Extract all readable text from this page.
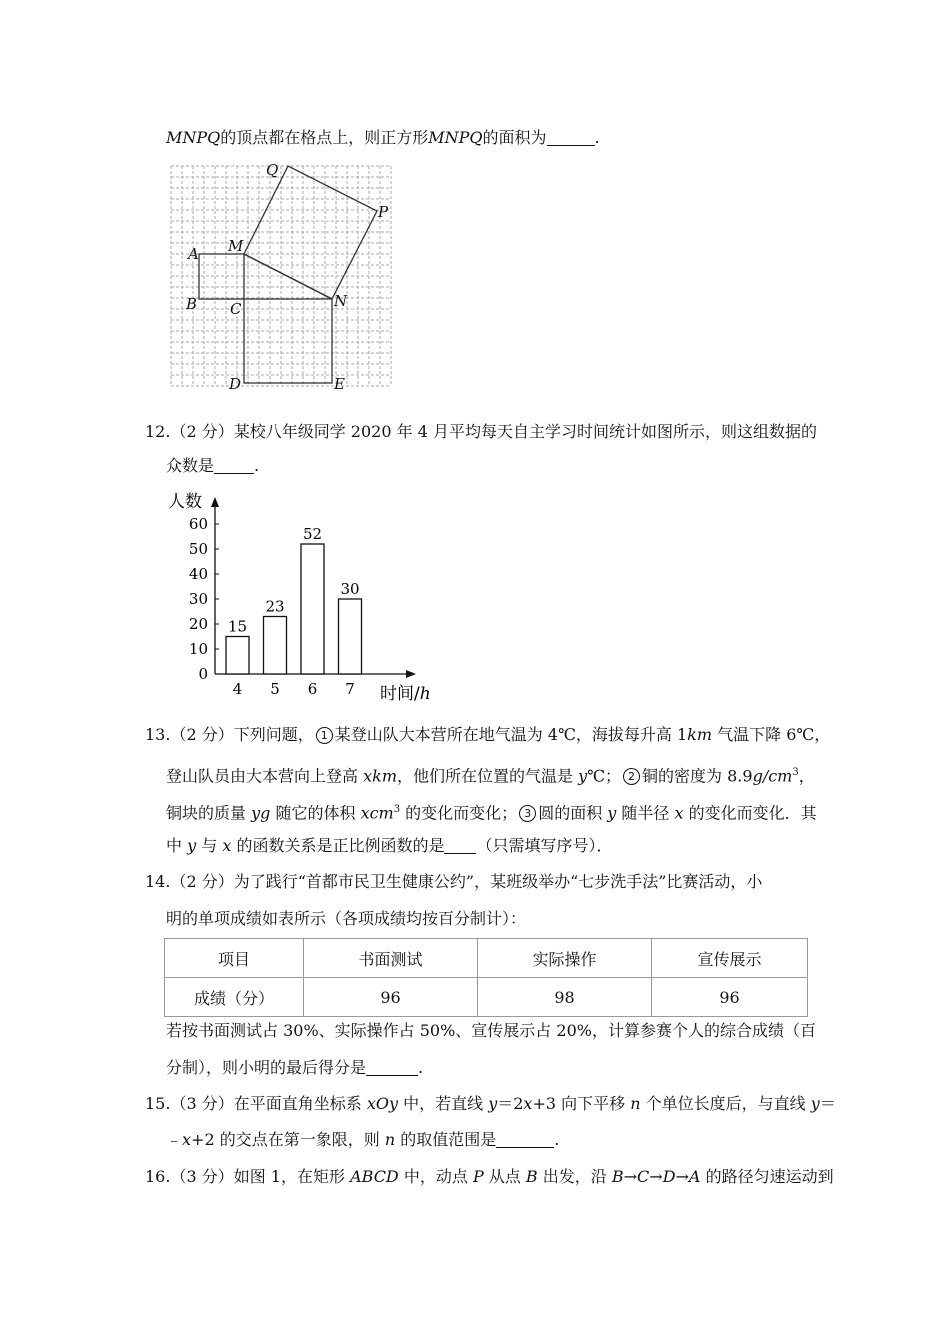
MNPQ的顶点都在格点上，则正方形MNPQ的面积为	.
Q
P
A M
B C	N
D	E
12.（2 分）某校八年级同学 2020 年 4 月平均每天自主学习时间统计如图所示，则这组数据的
众数是	.
人数
0
10
20
30
40
50
60
15
4
23
5
52
6
30
7 时间/h
13.（2 分）下列问题， 1 某登山队大本营所在地气温为 4℃，海拔每升高 1km 气温下降 6℃，
登山队员由大本营向上登高 xkm，他们所在位置的气温是 y℃； 2 铜的密度为 $8.9g/cm^3$，
铜块的质量 yg 随它的体积 xcm$^3$ 的变化而变化； 3 圆的面积 y 随半径 x 的变化而变化．其
中 y 与 x 的函数关系是正比例函数的是 （只需填写序号）．
14.（2 分）为了践行“首都市民卫生健康公约”，某班级举办“七步洗手法”比赛活动，小
明的单项成绩如表所示（各项成绩均按百分制计）：
项目	书面测试	实际操作	宣传展示
成绩（分）	96	98	96
若按书面测试占 30%、实际操作占 50%、宣传展示占 20%，计算参赛个人的综合成绩（百
分制），则小明的最后得分是	.
15.（3 分）在平面直角坐标系 xOy 中，若直线 y＝2x+3 向下平移 n 个单位长度后，与直线 y＝
﹣x+2 的交点在第一象限，则 n 的取值范围是	.
16.（3 分）如图 1，在矩形 ABCD 中，动点 P 从点 B 出发，沿 B→C→D→A 的路径匀速运动到
